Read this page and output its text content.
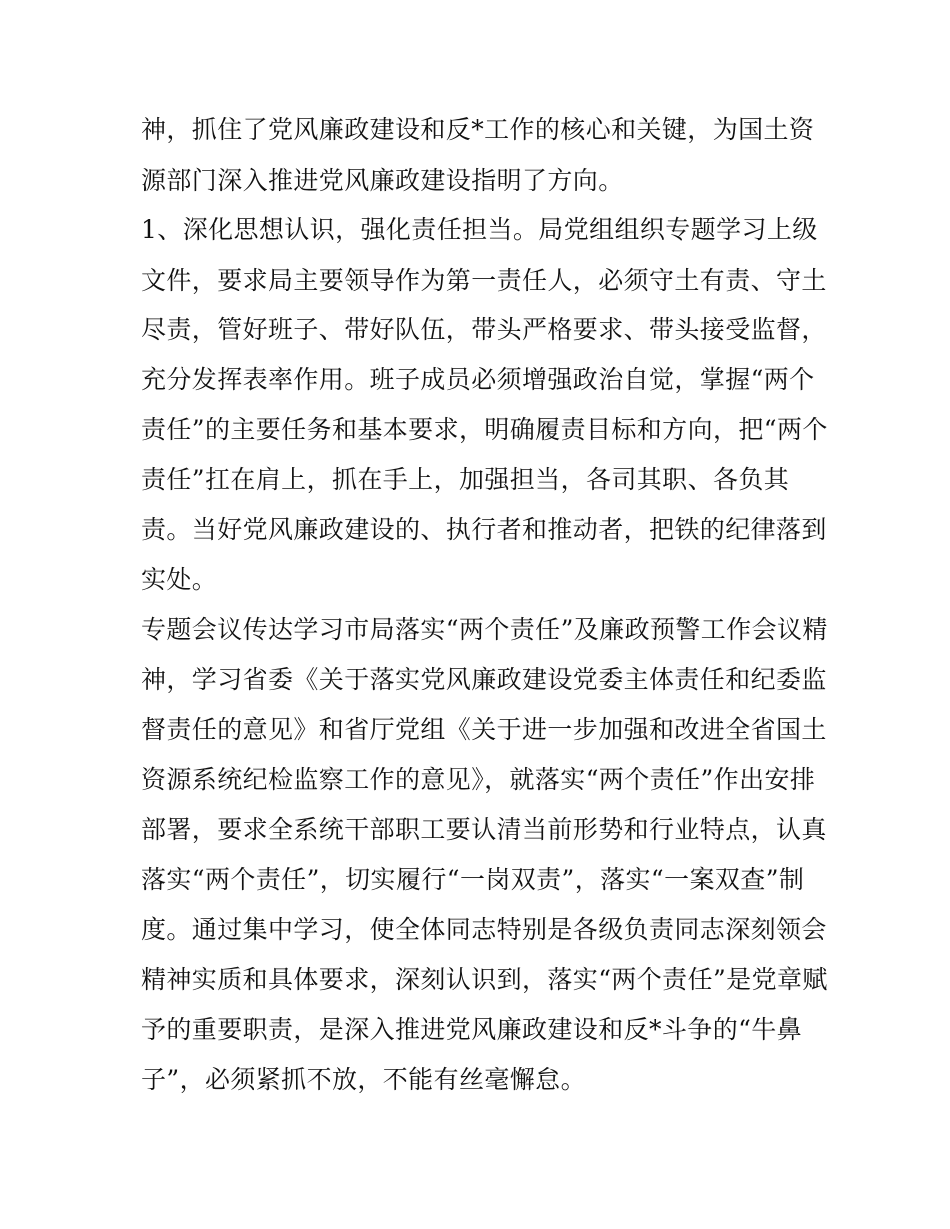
神，抓住了党风廉政建设和反*工作的核心和关键，为国土资
源部门深入推进党风廉政建设指明了方向。
1、深化思想认识，强化责任担当。局党组组织专题学习上级
文件，要求局主要领导作为第一责任人，必须守土有责、守土
尽责，管好班子、带好队伍，带头严格要求、带头接受监督，
充分发挥表率作用。班子成员必须增强政治自觉，掌握“两个
责任”的主要任务和基本要求，明确履责目标和方向，把“两个
责任”扛在肩上，抓在手上，加强担当，各司其职、各负其
责。当好党风廉政建设的、执行者和推动者，把铁的纪律落到
实处。
专题会议传达学习市局落实“两个责任”及廉政预警工作会议精
神，学习省委《关于落实党风廉政建设党委主体责任和纪委监
督责任的意见》和省厅党组《关于进一步加强和改进全省国土
资源系统纪检监察工作的意见》，就落实“两个责任”作出安排
部署，要求全系统干部职工要认清当前形势和行业特点，认真
落实“两个责任”，切实履行“一岗双责”，落实“一案双查”制
度。通过集中学习，使全体同志特别是各级负责同志深刻领会
精神实质和具体要求，深刻认识到，落实“两个责任”是党章赋
予的重要职责，是深入推进党风廉政建设和反*斗争的“牛鼻
子”，必须紧抓不放，不能有丝毫懈怠。
